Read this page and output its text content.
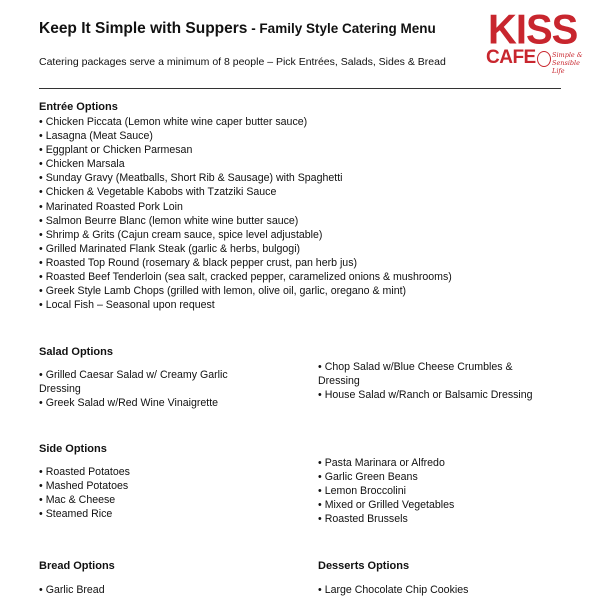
Keep It Simple with Suppers - Family Style Catering Menu
Catering packages serve a minimum of 8 people – Pick Entrées, Salads, Sides & Bread
KISS
CAFE	Simple &
Sensible Life
Entrée Options
• Chicken Piccata (Lemon white wine caper butter sauce)
• Lasagna (Meat Sauce)
• Eggplant or Chicken Parmesan
• Chicken Marsala
• Sunday Gravy (Meatballs, Short Rib & Sausage) with Spaghetti
• Chicken & Vegetable Kabobs with Tzatziki Sauce
• Marinated Roasted Pork Loin
• Salmon Beurre Blanc (lemon white wine butter sauce)
• Shrimp & Grits (Cajun cream sauce, spice level adjustable)
• Grilled Marinated Flank Steak (garlic & herbs, bulgogi)
• Roasted Top Round (rosemary & black pepper crust, pan herb jus)
• Roasted Beef Tenderloin (sea salt, cracked pepper, caramelized onions & mushrooms)
• Greek Style Lamb Chops (grilled with lemon, olive oil, garlic, oregano & mint)
• Local Fish – Seasonal upon request
Salad Options
• Grilled Caesar Salad w/ Creamy Garlic Dressing
• Greek Salad w/Red Wine Vinaigrette
• Chop Salad w/Blue Cheese Crumbles & Dressing
• House Salad w/Ranch or Balsamic Dressing
Side Options
• Roasted Potatoes
• Mashed Potatoes
• Mac & Cheese
• Steamed Rice
• Pasta Marinara or Alfredo
• Garlic Green Beans
• Lemon Broccolini
• Mixed or Grilled Vegetables
• Roasted Brussels
Bread Options
• Garlic Bread
Desserts Options
• Large Chocolate Chip Cookies
